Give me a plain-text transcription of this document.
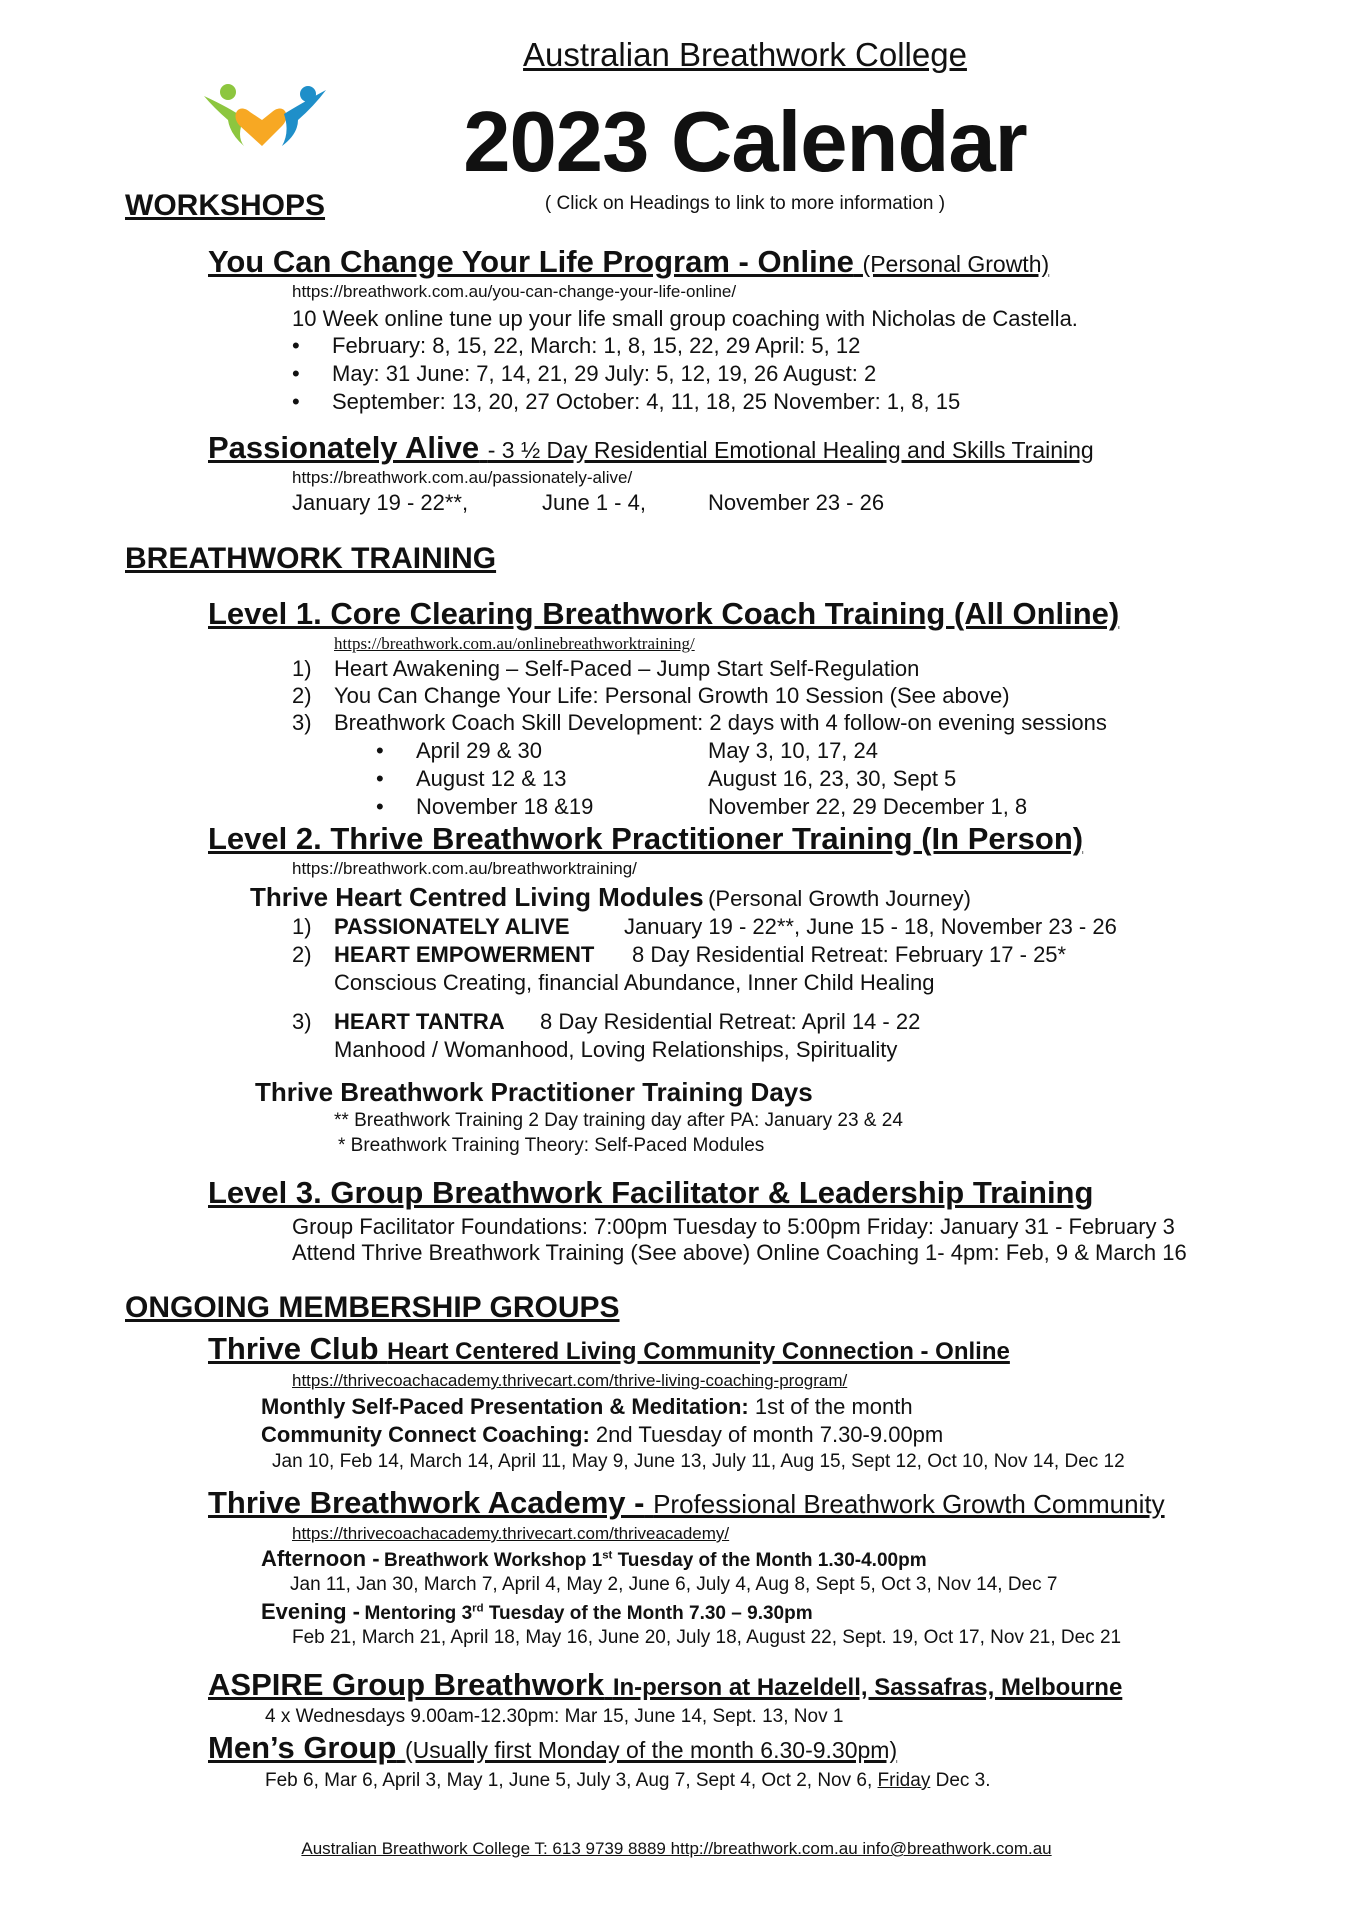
Australian Breathwork College
2023 Calendar
( Click on Headings to link to more information )
WORKSHOPS
You Can Change Your Life Program - Online (Personal Growth)
https://breathwork.com.au/you-can-change-your-life-online/
10 Week online tune up your life small group coaching with Nicholas de Castella.
• February: 8, 15, 22, March: 1, 8, 15, 22, 29 April: 5, 12
• May: 31 June: 7, 14, 21, 29 July: 5, 12, 19, 26 August: 2
• September: 13, 20, 27 October: 4, 11, 18, 25 November: 1, 8, 15
Passionately Alive - 3 ½ Day Residential Emotional Healing and Skills Training
https://breathwork.com.au/passionately-alive/
January 19 - 22**,	June 1 - 4,	November 23 - 26
BREATHWORK TRAINING
Level 1. Core Clearing Breathwork Coach Training (All Online)
https://breathwork.com.au/onlinebreathworktraining/
1) Heart Awakening – Self-Paced – Jump Start Self-Regulation
2) You Can Change Your Life: Personal Growth 10 Session (See above)
3) Breathwork Coach Skill Development: 2 days with 4 follow-on evening sessions
• April 29 & 30	May 3, 10, 17, 24
• August 12 & 13	August 16, 23, 30, Sept 5
• November 18 &19	November 22, 29 December 1, 8
Level 2. Thrive Breathwork Practitioner Training (In Person)
https://breathwork.com.au/breathworktraining/
Thrive Heart Centred Living Modules (Personal Growth Journey)
1) PASSIONATELY ALIVE January 19 - 22**, June 15 - 18, November 23 - 26
2) HEART EMPOWERMENT 8 Day Residential Retreat: February 17 - 25*
Conscious Creating, financial Abundance, Inner Child Healing
3) HEART TANTRA 8 Day Residential Retreat: April 14 - 22
Manhood / Womanhood, Loving Relationships, Spirituality
Thrive Breathwork Practitioner Training Days
** Breathwork Training 2 Day training day after PA: January 23 & 24
* Breathwork Training Theory: Self-Paced Modules
Level 3. Group Breathwork Facilitator & Leadership Training
Group Facilitator Foundations: 7:00pm Tuesday to 5:00pm Friday: January 31 - February 3
Attend Thrive Breathwork Training (See above) Online Coaching 1- 4pm: Feb, 9 & March 16
ONGOING MEMBERSHIP GROUPS
Thrive Club Heart Centered Living Community Connection - Online
https://thrivecoachacademy.thrivecart.com/thrive-living-coaching-program/
Monthly Self-Paced Presentation & Meditation: 1st of the month
Community Connect Coaching: 2nd Tuesday of month 7.30-9.00pm
Jan 10, Feb 14, March 14, April 11, May 9, June 13, July 11, Aug 15, Sept 12, Oct 10, Nov 14, Dec 12
Thrive Breathwork Academy - Professional Breathwork Growth Community
https://thrivecoachacademy.thrivecart.com/thriveacademy/
Afternoon - Breathwork Workshop 1st Tuesday of the Month 1.30-4.00pm
Jan 11, Jan 30, March 7, April 4, May 2, June 6, July 4, Aug 8, Sept 5, Oct 3, Nov 14, Dec 7
Evening - Mentoring 3rd Tuesday of the Month 7.30 – 9.30pm
Feb 21, March 21, April 18, May 16, June 20, July 18, August 22, Sept. 19, Oct 17, Nov 21, Dec 21
ASPIRE Group Breathwork In-person at Hazeldell, Sassafras, Melbourne
4 x Wednesdays 9.00am-12.30pm: Mar 15, June 14, Sept. 13, Nov 1
Men’s Group (Usually first Monday of the month 6.30-9.30pm)
Feb 6, Mar 6, April 3, May 1, June 5, July 3, Aug 7, Sept 4, Oct 2, Nov 6, Friday Dec 3.
Australian Breathwork College T: 613 9739 8889 http://breathwork.com.au info@breathwork.com.au
